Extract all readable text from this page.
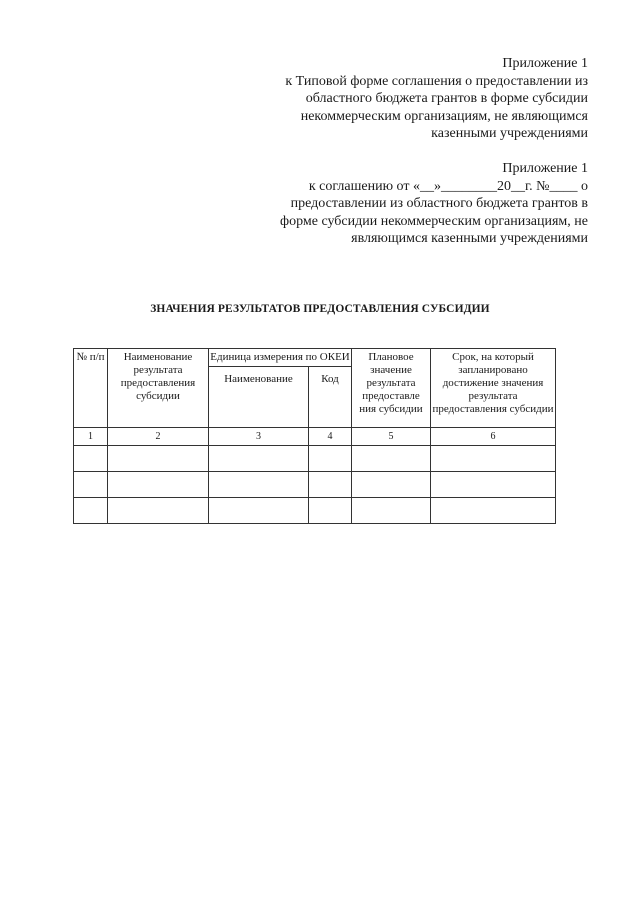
Приложение 1
к Типовой форме соглашения о предоставлении из
областного бюджета грантов в форме субсидии
некоммерческим организациям, не являющимся
казенными учреждениями
Приложение 1
к соглашению от «__»________20__г. №____ о
предоставлении из областного бюджета грантов в
форме субсидии некоммерческим организациям, не
являющимся казенными учреждениями
ЗНАЧЕНИЯ РЕЗУЛЬТАТОВ ПРЕДОСТАВЛЕНИЯ СУБСИДИИ
№ п/п	Наименование результата предоставления субсидии	Единица измерения по ОКЕИ		Плановое значение результата предоставле ния субсидии	Срок, на который запланировано достижение значения результата предоставления субсидии
		Наименование	Код		
1	2	3	4	5	6
